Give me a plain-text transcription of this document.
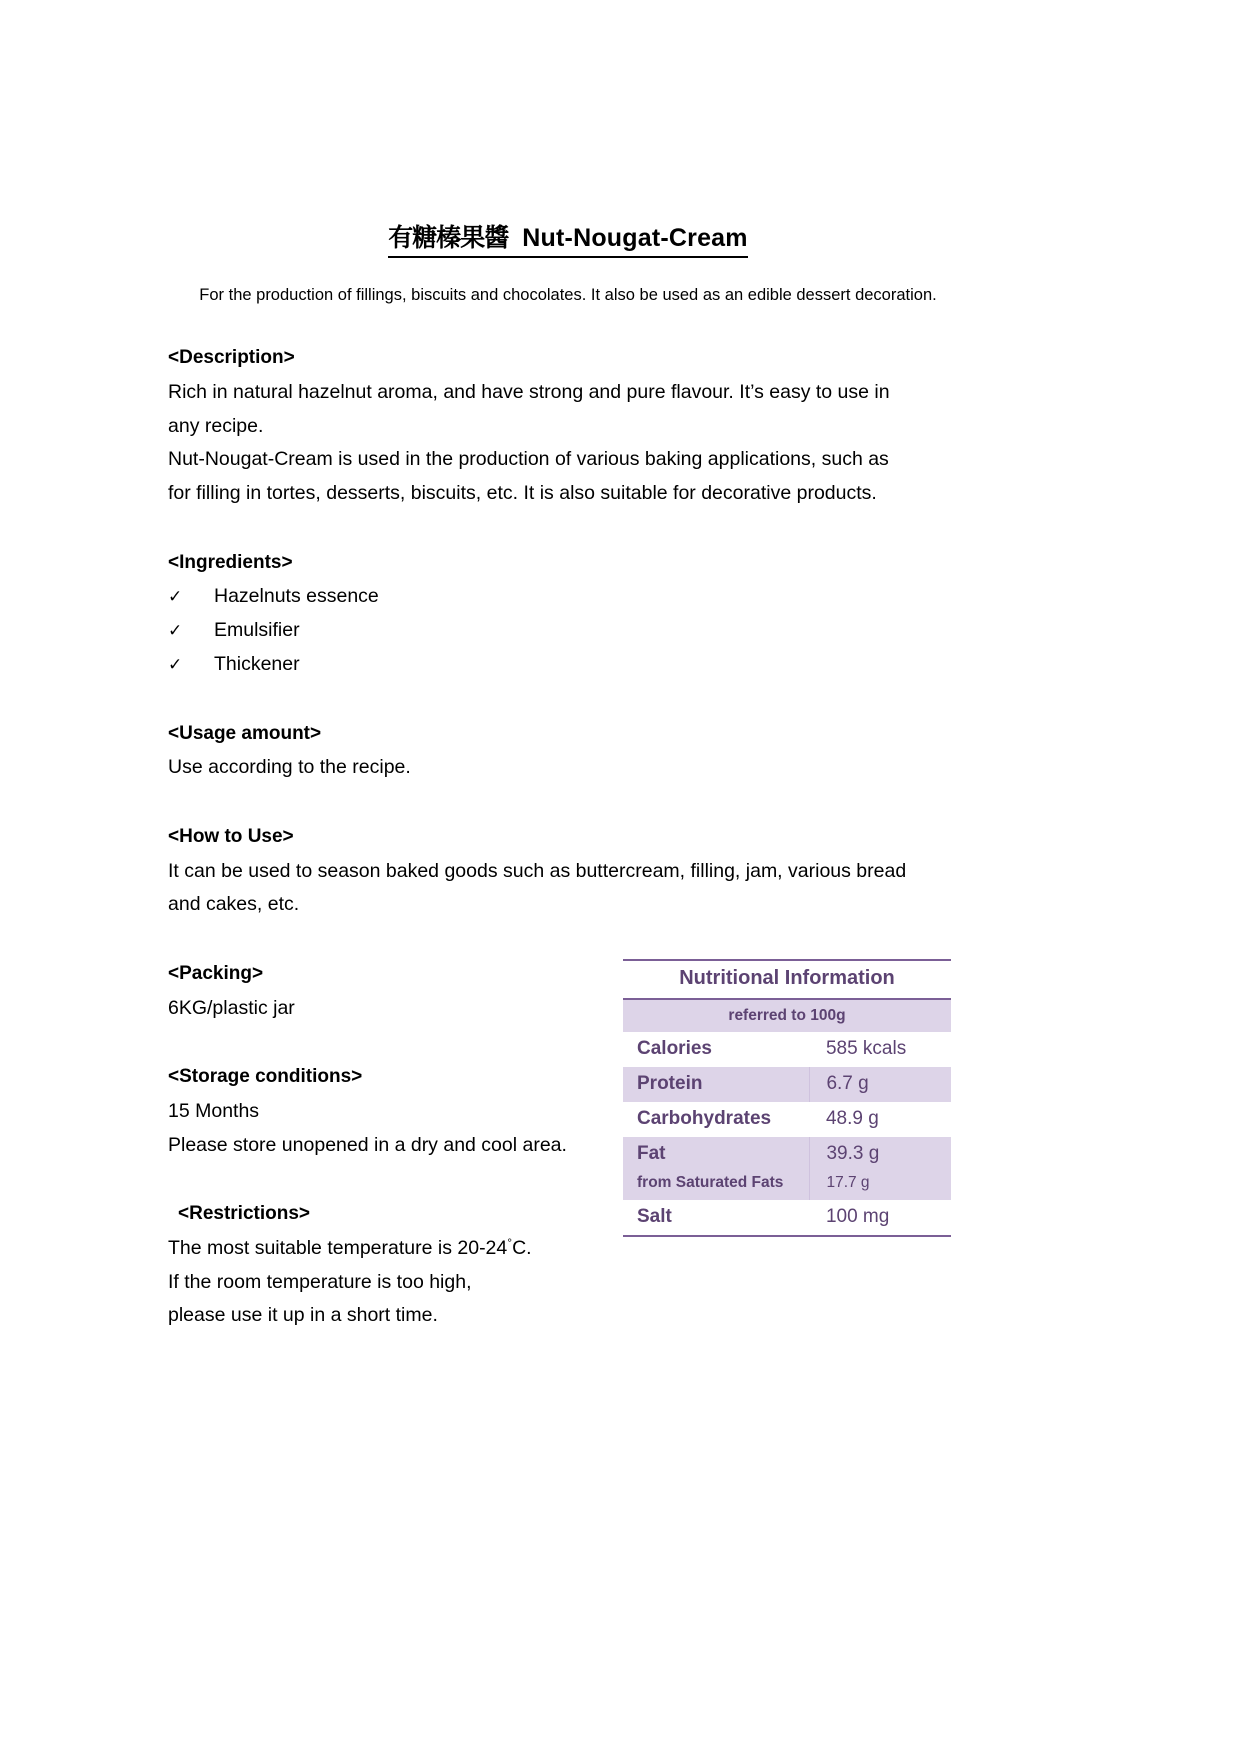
有糖榛果醬 Nut-Nougat-Cream
For the production of fillings, biscuits and chocolates. It also be used as an edible dessert decoration.
<Description>
Rich in natural hazelnut aroma, and have strong and pure flavour. It’s easy to use in
any recipe.
Nut-Nougat-Cream is used in the production of various baking applications, such as
for filling in tortes, desserts, biscuits, etc. It is also suitable for decorative products.
<Ingredients>
✓	Hazelnuts essence
✓	Emulsifier
✓	Thickener
<Usage amount>
Use according to the recipe.
<How to Use>
It can be used to season baked goods such as buttercream, filling, jam, various bread
and cakes, etc.
<Packing>
6KG/plastic jar
<Storage conditions>
15 Months
Please store unopened in a dry and cool area.
<Restrictions>
The most suitable temperature is 20-24°C.
If the room temperature is too high,
please use it up in a short time.

Nutritional Information	
referred to 100g	
Calories	585 kcals
Protein	6.7 g
Carbohydrates	48.9 g
Fat	39.3 g
from Saturated Fats	17.7 g
Salt	100 mg
